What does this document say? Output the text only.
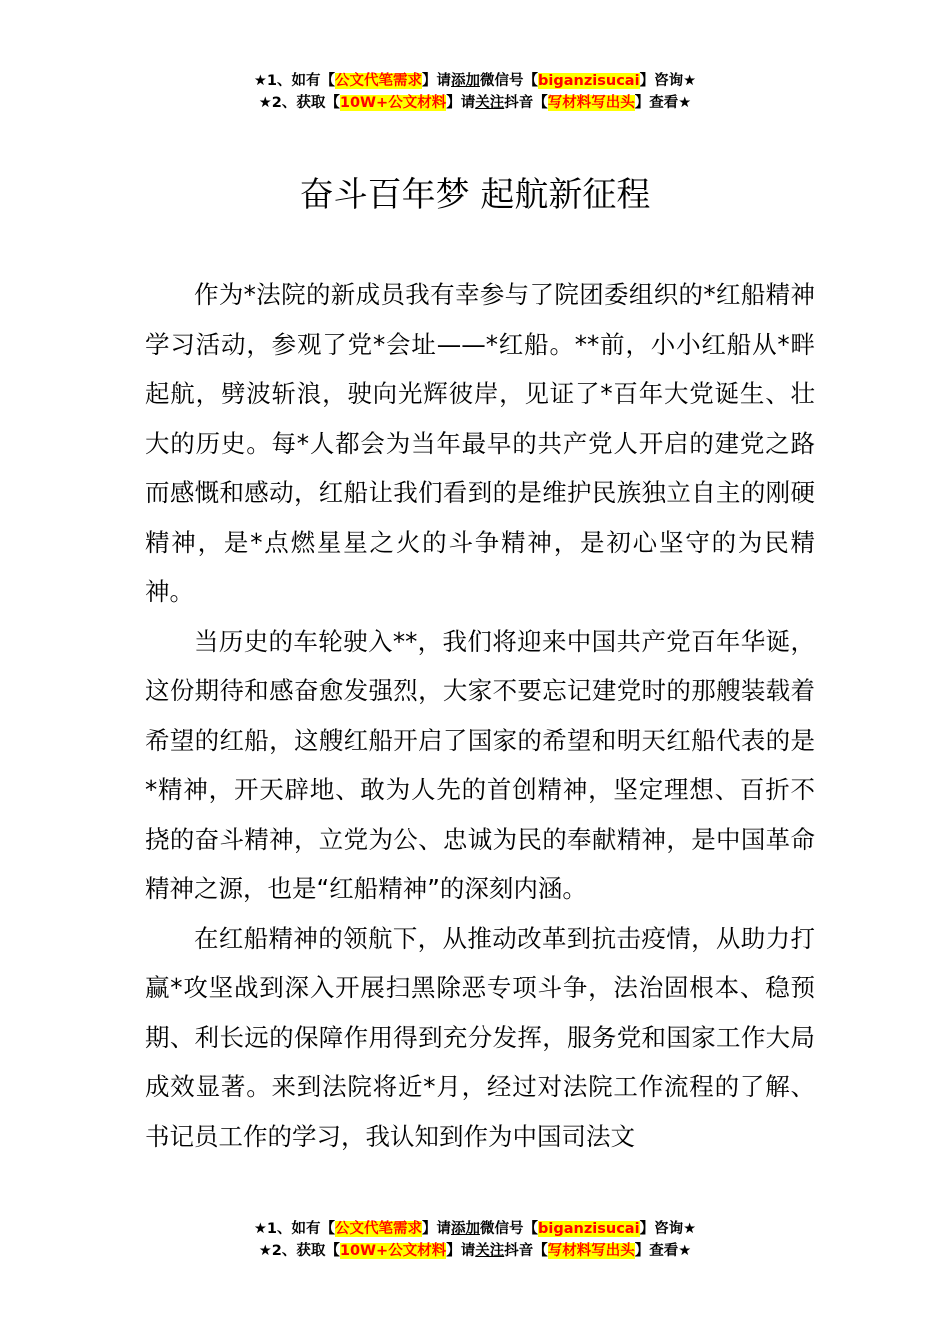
★1、如有【公文代笔需求】请添加微信号【biganzisucai】咨询★
★2、获取【10W+公文材料】请关注抖音【写材料写出头】查看★
奋斗百年梦 起航新征程

作为*法院的新成员我有幸参与了院团委组织的*红船精神学习活动，参观了党*会址——*红船。**前，小小红船从*畔起航，劈波斩浪，驶向光辉彼岸，见证了*百年大党诞生、壮大的历史。每*人都会为当年最早的共产党人开启的建党之路而感慨和感动，红船让我们看到的是维护民族独立自主的刚硬精神，是*点燃星星之火的斗争精神，是初心坚守的为民精神。

当历史的车轮驶入**，我们将迎来中国共产党百年华诞，这份期待和感奋愈发强烈，大家不要忘记建党时的那艘装载着希望的红船，这艘红船开启了国家的希望和明天红船代表的是*精神，开天辟地、敢为人先的首创精神，坚定理想、百折不挠的奋斗精神，立党为公、忠诚为民的奉献精神，是中国革命精神之源，也是“红船精神”的深刻内涵。

在红船精神的领航下，从推动改革到抗击疫情，从助力打赢*攻坚战到深入开展扫黑除恶专项斗争，法治固根本、稳预期、利长远的保障作用得到充分发挥，服务党和国家工作大局成效显著。来到法院将近*月，经过对法院工作流程的了解、书记员工作的学习，我认知到作为中国司法文

★1、如有【公文代笔需求】请添加微信号【biganzisucai】咨询★
★2、获取【10W+公文材料】请关注抖音【写材料写出头】查看★
